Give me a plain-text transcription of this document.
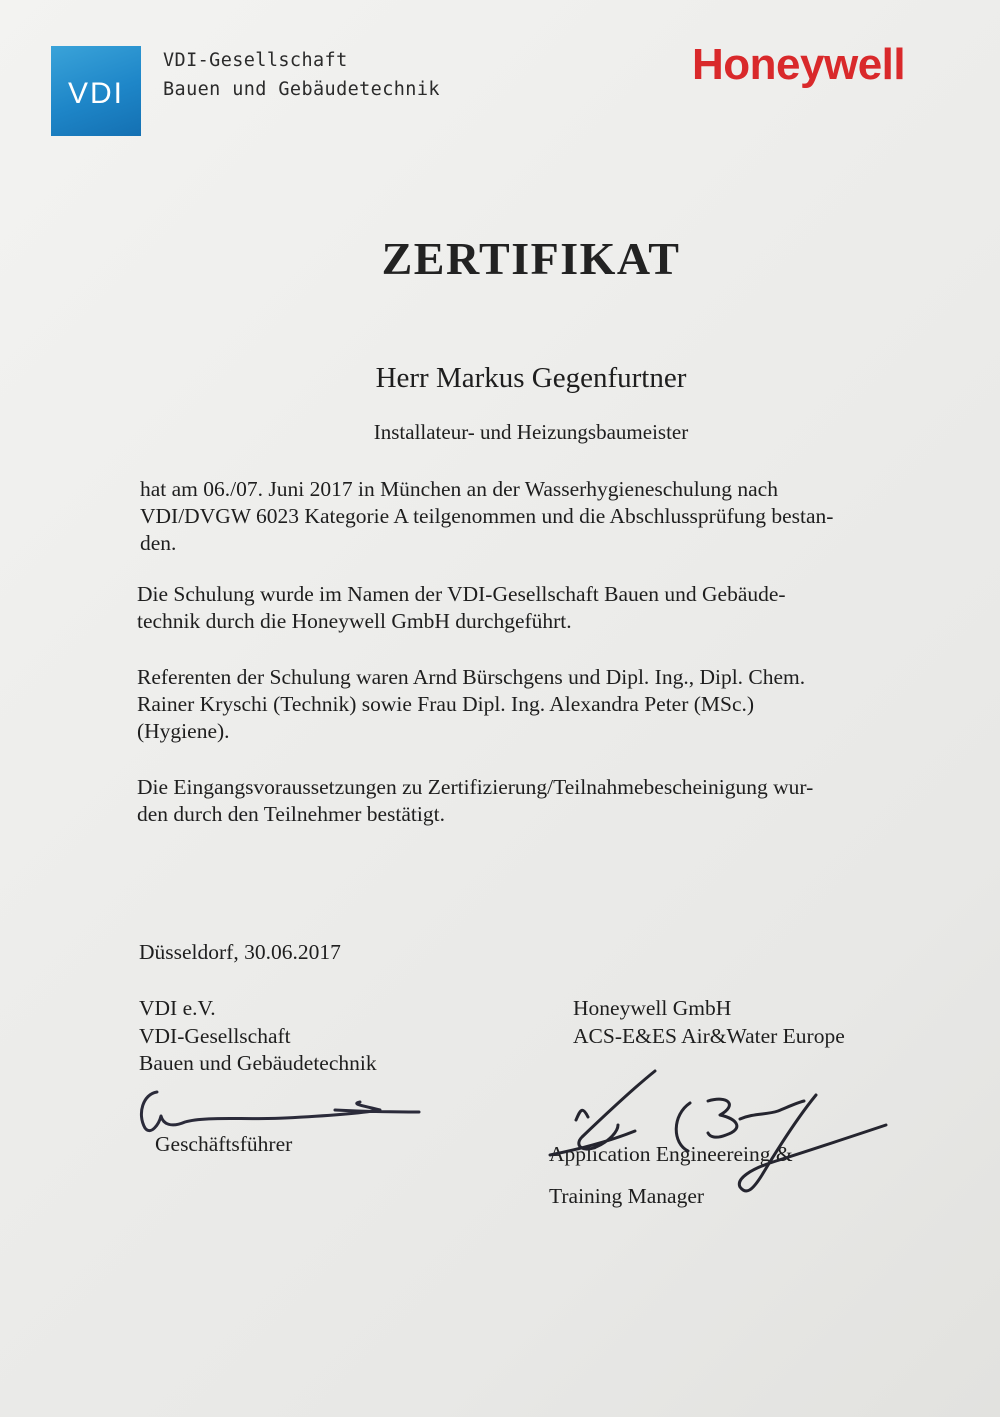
VDI
VDI-Gesellschaft
Bauen und Gebäudetechnik
Honeywell
ZERTIFIKAT
Herr Markus Gegenfurtner
Installateur- und Heizungsbaumeister
hat am 06./07. Juni 2017 in München an der Wasserhygieneschulung nach
VDI/DVGW 6023 Kategorie A teilgenommen und die Abschlussprüfung bestan-
den.
Die Schulung wurde im Namen der VDI-Gesellschaft Bauen und Gebäude-
technik durch die Honeywell GmbH durchgeführt.
Referenten der Schulung waren Arnd Bürschgens und Dipl. Ing., Dipl. Chem.
Rainer Kryschi (Technik) sowie Frau Dipl. Ing. Alexandra Peter (MSc.)
(Hygiene).
Die Eingangsvoraussetzungen zu Zertifizierung/Teilnahmebescheinigung wur-
den durch den Teilnehmer bestätigt.
Düsseldorf, 30.06.2017
VDI e.V.
VDI-Gesellschaft
Bauen und Gebäudetechnik
Honeywell GmbH
ACS-E&ES Air&Water Europe
Geschäftsführer	Application Engineereing &
Training Manager
